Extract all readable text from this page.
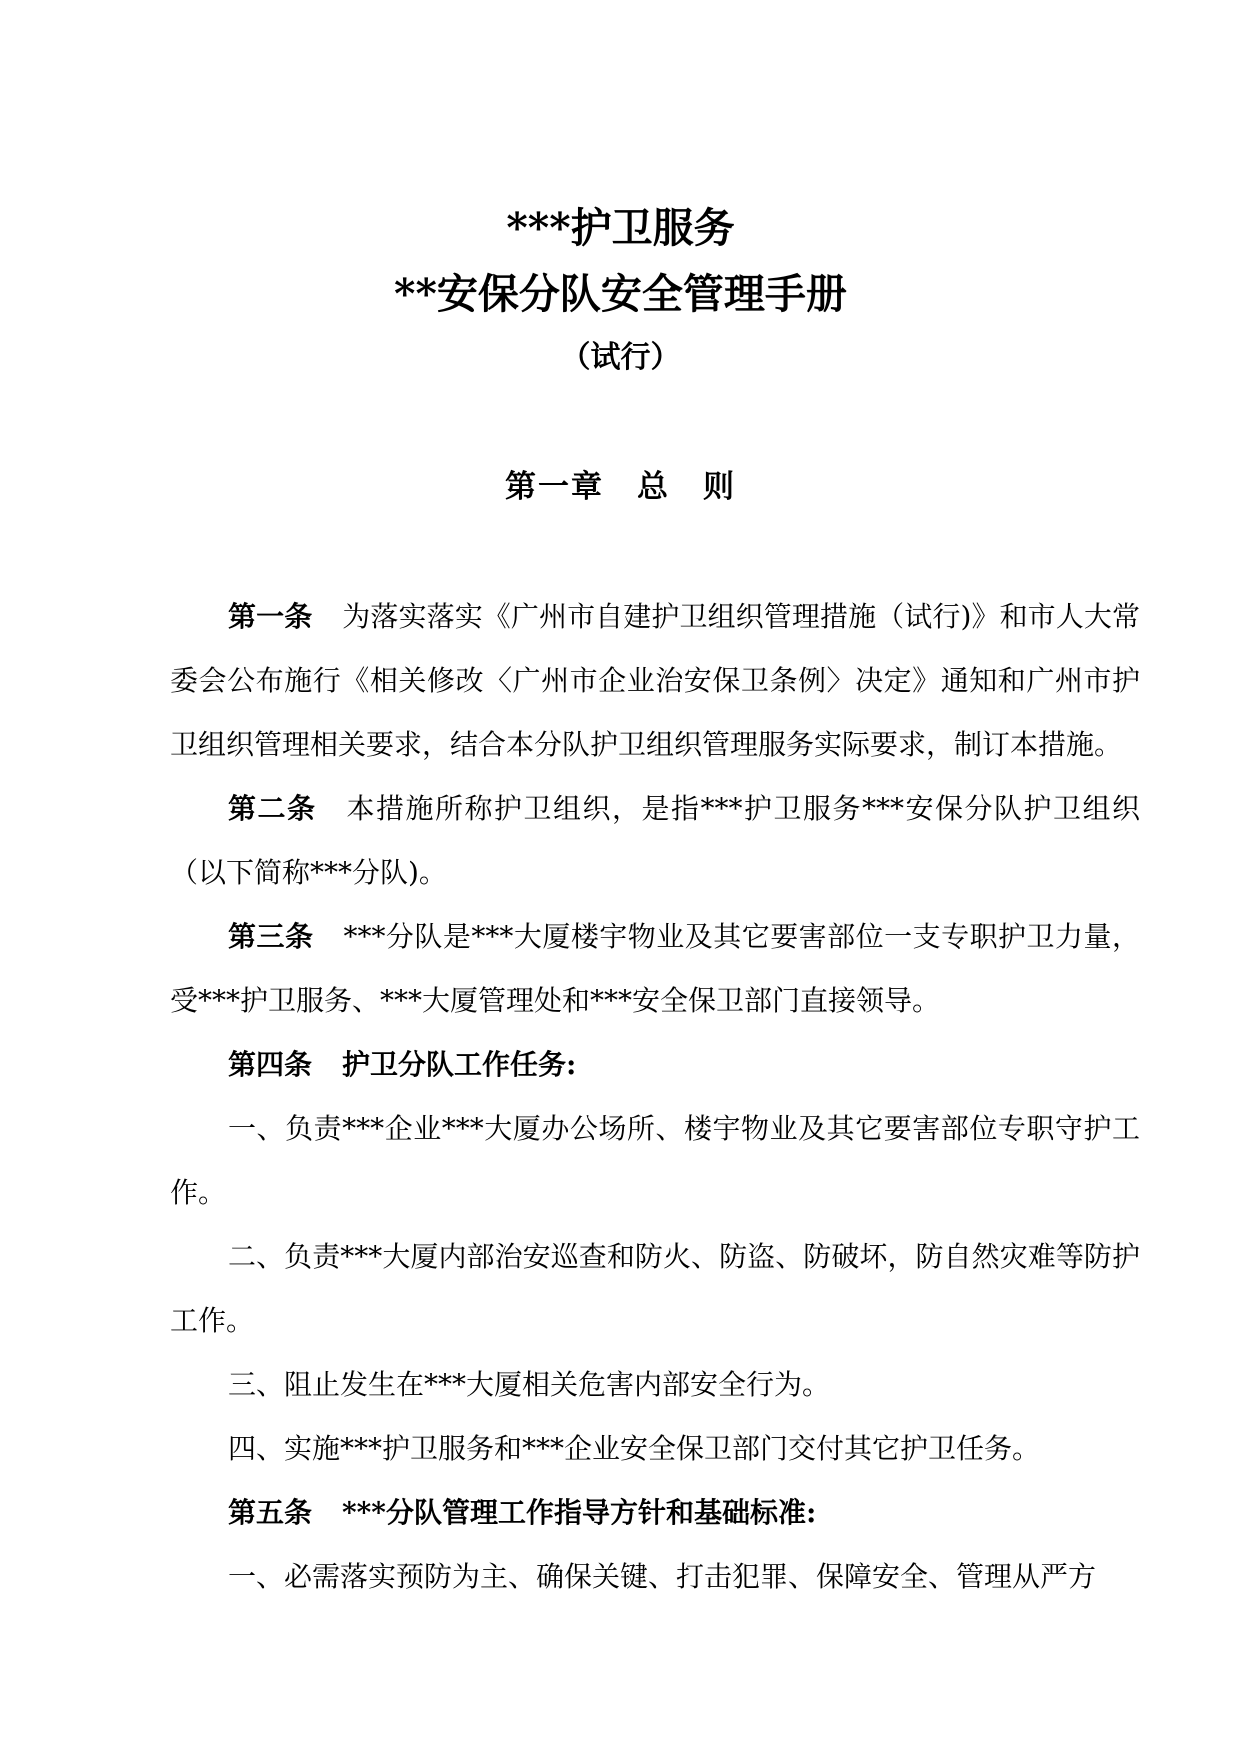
***护卫服务
**安保分队安全管理手册
（试行）
第一章　总　则

第一条 为落实落实《广州市自建护卫组织管理措施（试行)》和市人大常委会公布施行《相关修改〈广州市企业治安保卫条例〉决定》通知和广州市护卫组织管理相关要求，结合本分队护卫组织管理服务实际要求，制订本措施。

第二条 本措施所称护卫组织，是指***护卫服务***安保分队护卫组织（以下简称***分队)。

第三条 ***分队是***大厦楼宇物业及其它要害部位一支专职护卫力量，受***护卫服务、***大厦管理处和***安全保卫部门直接领导。

第四条 护卫分队工作任务:

一、负责***企业***大厦办公场所、楼宇物业及其它要害部位专职守护工作。

二、负责***大厦内部治安巡查和防火、防盗、防破坏，防自然灾难等防护工作。

三、阻止发生在***大厦相关危害内部安全行为。

四、实施***护卫服务和***企业安全保卫部门交付其它护卫任务。

第五条 ***分队管理工作指导方针和基础标准:

一、必需落实预防为主、确保关键、打击犯罪、保障安全、管理从严方
